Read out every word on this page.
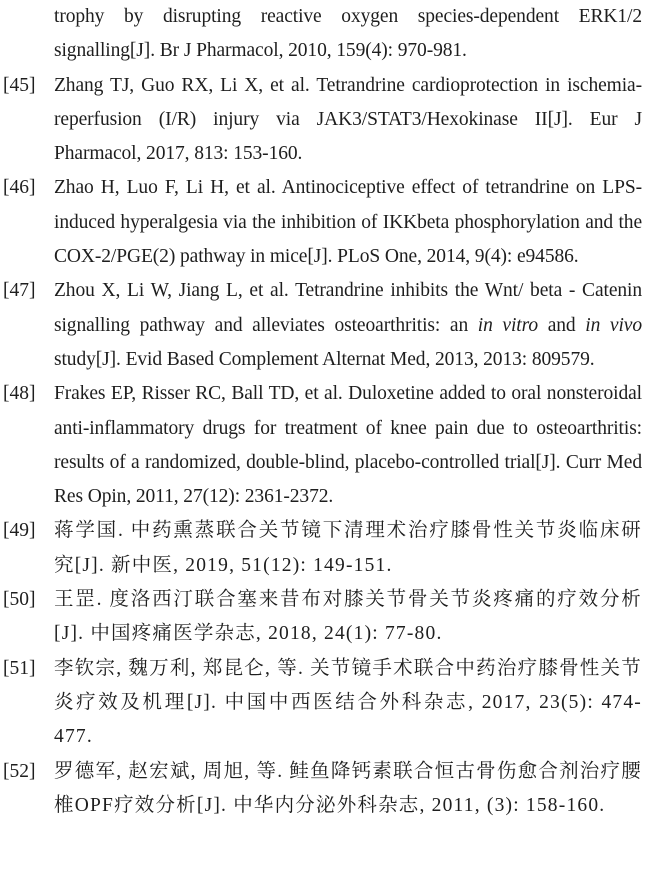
trophy by disrupting reactive oxygen species-dependent ERK1/2 signalling[J]. Br J Pharmacol, 2010, 159(4): 970-981.
[45] Zhang TJ, Guo RX, Li X, et al. Tetrandrine cardioprotection in ischemia-reperfusion (I/R) injury via JAK3/STAT3/Hexokinase II[J]. Eur J Pharmacol, 2017, 813: 153-160.
[46] Zhao H, Luo F, Li H, et al. Antinociceptive effect of tetrandrine on LPS-induced hyperalgesia via the inhibition of IKKbeta phosphorylation and the COX-2/PGE(2) pathway in mice[J]. PLoS One, 2014, 9(4): e94586.
[47] Zhou X, Li W, Jiang L, et al. Tetrandrine inhibits the Wnt/ beta - Catenin signalling pathway and alleviates osteoarthritis: an in vitro and in vivo study[J]. Evid Based Complement Alternat Med, 2013, 2013: 809579.
[48] Frakes EP, Risser RC, Ball TD, et al. Duloxetine added to oral nonsteroidal anti-inflammatory drugs for treatment of knee pain due to osteoarthritis: results of a randomized, double-blind, placebo-controlled trial[J]. Curr Med Res Opin, 2011, 27(12): 2361-2372.
[49] 蒋学国. 中药熏蒸联合关节镜下清理术治疗膝骨性关节炎临床研究[J]. 新中医, 2019, 51(12): 149-151.
[50] 王罡. 度洛西汀联合塞来昔布对膝关节骨关节炎疼痛的疗效分析[J]. 中国疼痛医学杂志, 2018, 24(1): 77-80.
[51] 李钦宗, 魏万利, 郑昆仑, 等. 关节镜手术联合中药治疗膝骨性关节炎疗效及机理[J]. 中国中西医结合外科杂志, 2017, 23(5): 474-477.
[52] 罗德军, 赵宏斌, 周旭, 等. 鲑鱼降钙素联合恒古骨伤愈合剂治疗腰椎OPF疗效分析[J]. 中华内分泌外科杂志, 2011, (3): 158-160.
